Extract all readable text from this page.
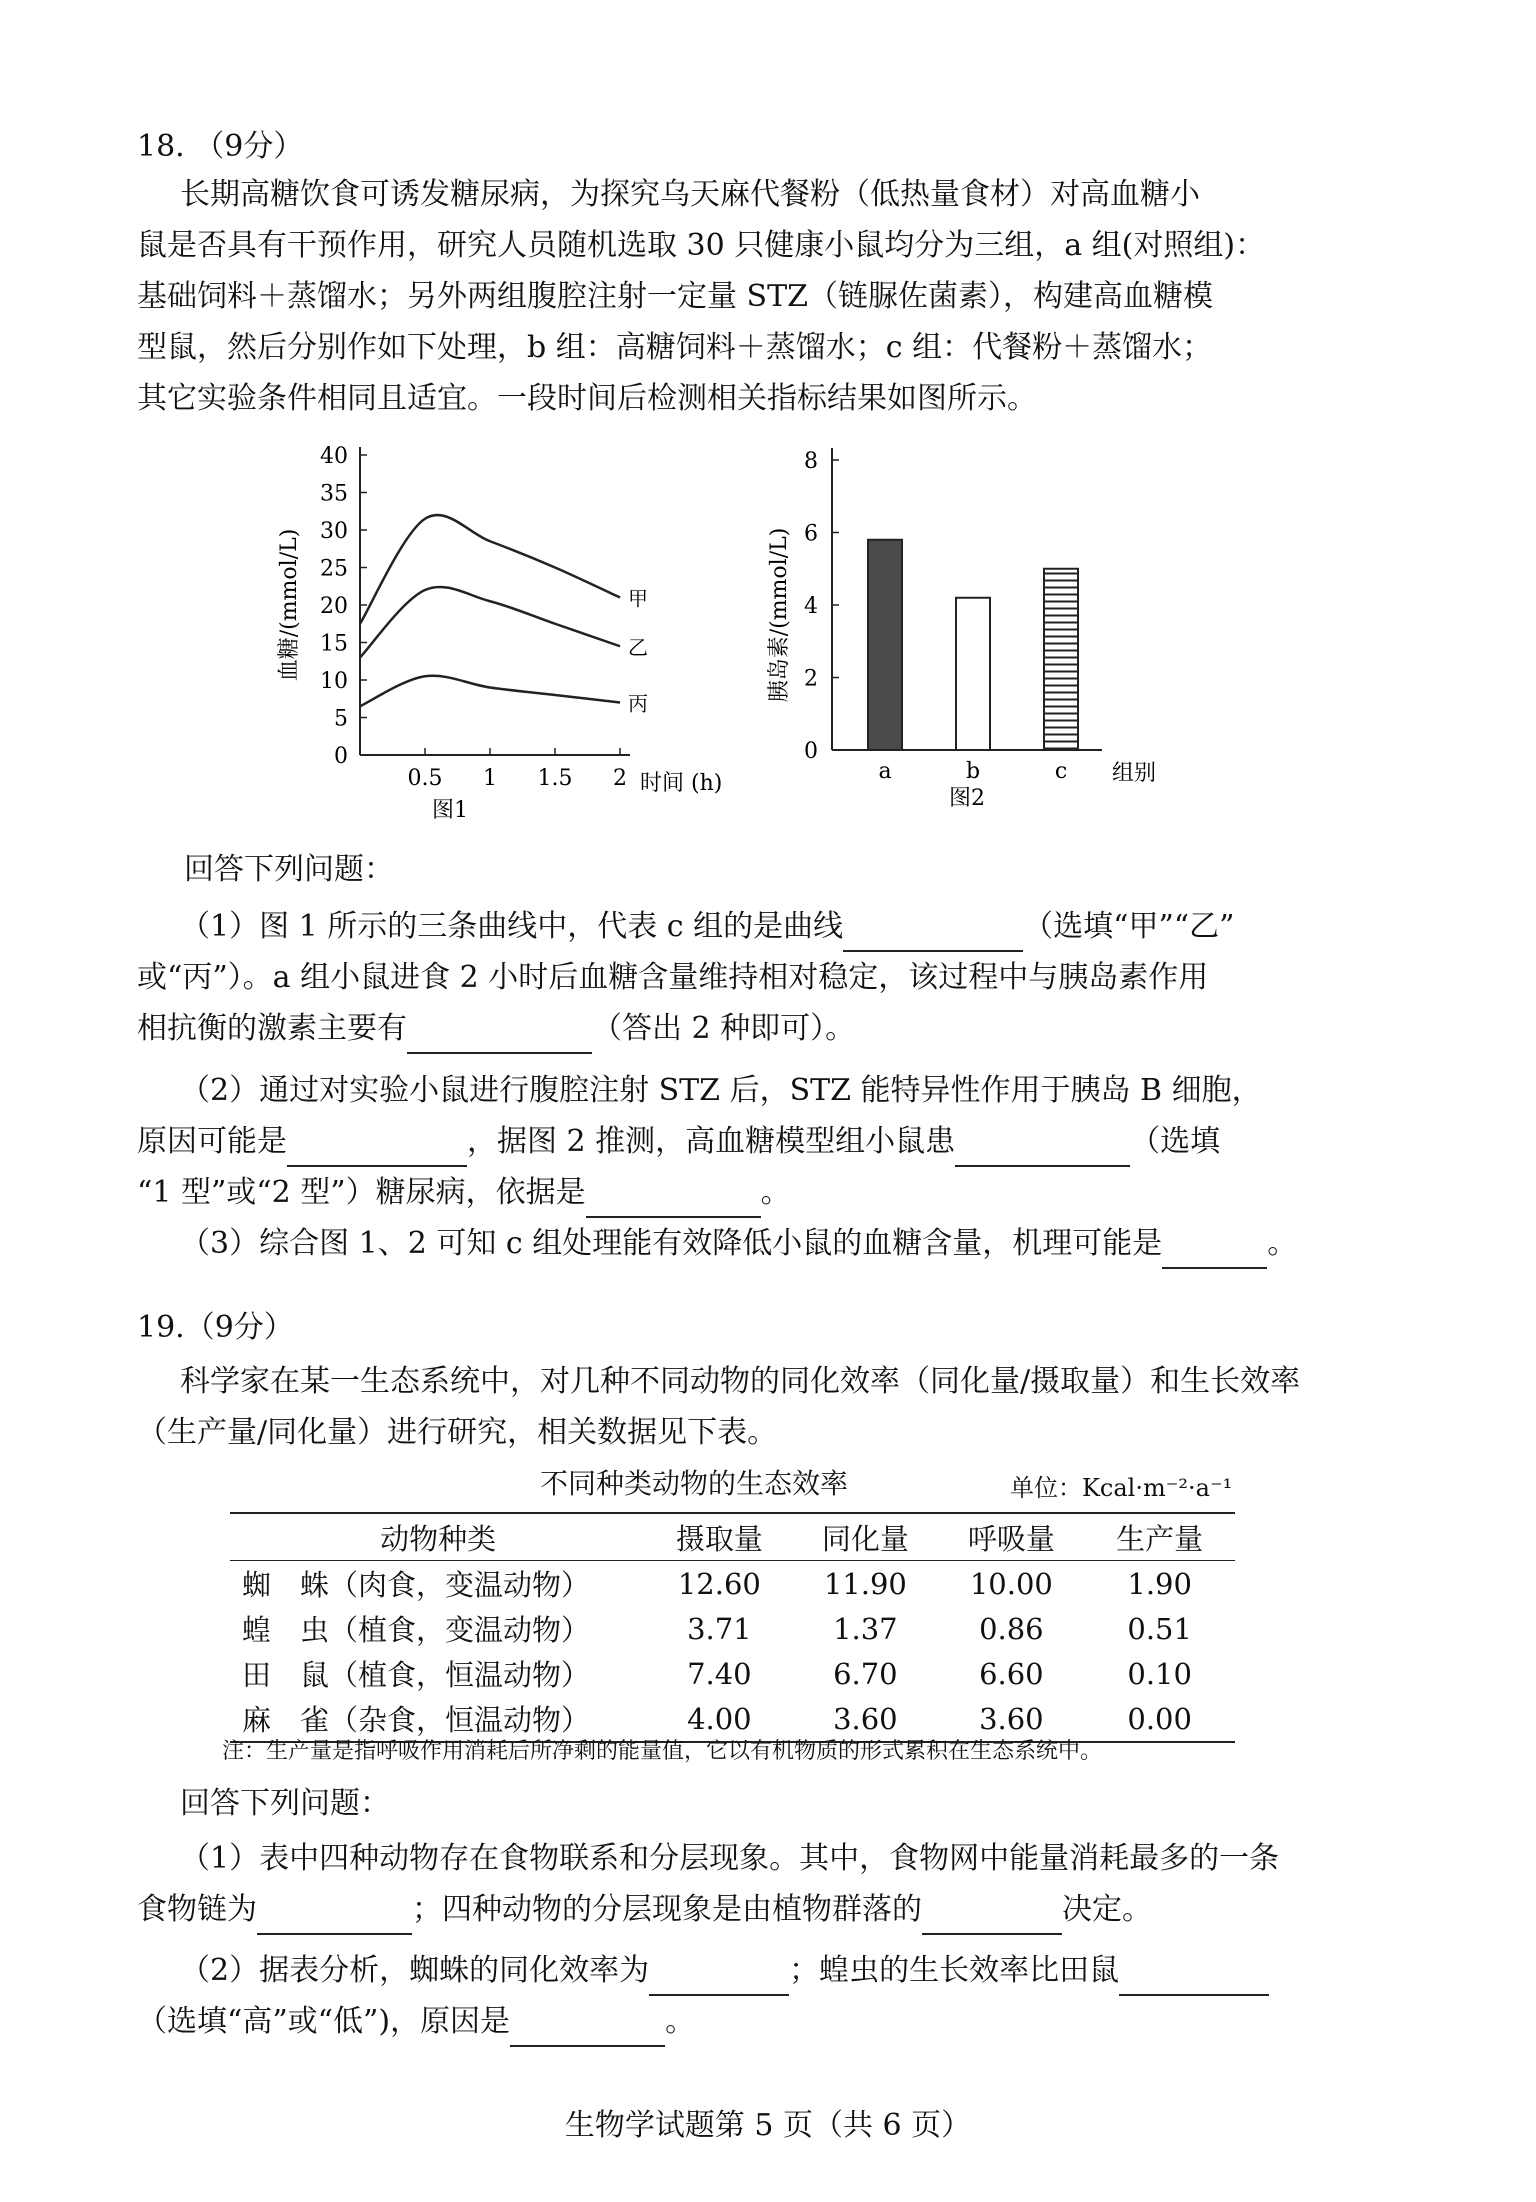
18. （9分）
长期高糖饮食可诱发糖尿病，为探究乌天麻代餐粉（低热量食材）对高血糖小
鼠是否具有干预作用，研究人员随机选取 30 只健康小鼠均分为三组，a 组(对照组)：
基础饲料＋蒸馏水；另外两组腹腔注射一定量 STZ（链脲佐菌素），构建高血糖模
型鼠，然后分别作如下处理，b 组：高糖饲料＋蒸馏水；c 组：代餐粉＋蒸馏水；
其它实验条件相同且适宜。一段时间后检测相关指标结果如图所示。
0
5
10
15
20
25
30
35
40
0.5 1 1.5 2
甲
乙
丙
血糖/(mmol/L)
时间 (h)
图1
0
2
4
6
8
a	b	c
胰岛素/(mmol/L)
组别
图2
回答下列问题：
（1）图 1 所示的三条曲线中，代表 c 组的是曲线	（选填“甲”“乙”
或“丙”）。a 组小鼠进食 2 小时后血糖含量维持相对稳定，该过程中与胰岛素作用
相抗衡的激素主要有	（答出 2 种即可）。
（2）通过对实验小鼠进行腹腔注射 STZ 后，STZ 能特异性作用于胰岛 B 细胞，
原因可能是	，据图 2 推测，高血糖模型组小鼠患	（选填
“1 型”或“2 型”）糖尿病，依据是	。
（3）综合图 1、2 可知 c 组处理能有效降低小鼠的血糖含量，机理可能是	。
19.（9分）
科学家在某一生态系统中，对几种不同动物的同化效率（同化量/摄取量）和生长效率
（生产量/同化量）进行研究，相关数据见下表。
不同种类动物的生态效率	单位：Kcal·m⁻²·a⁻¹
动物种类	摄取量	同化量	呼吸量	生产量
蜘　蛛（肉食，变温动物）	12.60	11.90	10.00	1.90
蝗　虫（植食，变温动物）	3.71	1.37	0.86	0.51
田　鼠（植食，恒温动物）	7.40	6.70	6.60	0.10
麻　雀（杂食，恒温动物）	4.00	3.60	3.60	0.00
注：生产量是指呼吸作用消耗后所净剩的能量值，它以有机物质的形式累积在生态系统中。
回答下列问题：
（1）表中四种动物存在食物联系和分层现象。其中，食物网中能量消耗最多的一条
食物链为	；四种动物的分层现象是由植物群落的	决定。
（2）据表分析，蜘蛛的同化效率为	；蝗虫的生长效率比田鼠
（选填“高”或“低”)，原因是	。
生物学试题第 5 页（共 6 页）
